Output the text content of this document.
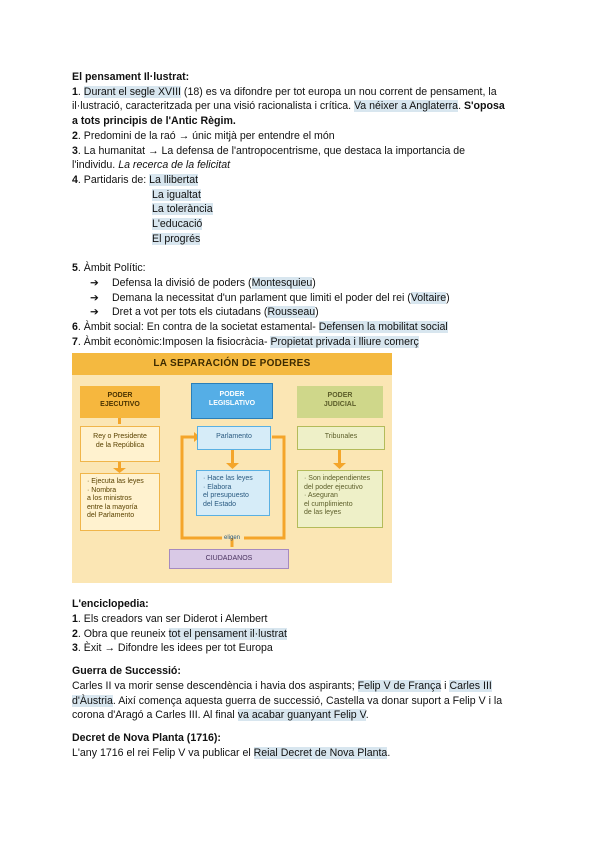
El pensament Il·lustrat:

1. Durant el segle XVIII (18) es va difondre per tot europa un nou corrent de pensament, la

il·lustració, caracteritzada per una visió racionalista i crítica. Va néixer a Anglaterra. S'oposa

a tots principis de l'Antic Règim.

2. Predomini de la raó → únic mitjà per entendre el món

3. La humanitat → La defensa de l'antropocentrisme, que destaca la importancia de

l'individu. La recerca de la felicitat

4. Partidaris de: La llibertat

La igualtat

La tolerància

L'educació

El progrés

5. Àmbit Polític:

➔ Defensa la divisió de poders (Montesquieu)

➔ Demana la necessitat d'un parlament que limiti el poder del rei (Voltaire)

➔ Dret a vot per tots els ciutadans (Rousseau)

6. Àmbit social: En contra de la societat estamental- Defensen la mobilitat social

7. Àmbit econòmic:Imposen la fisiocràcia- Propietat privada i lliure comerç

LA SEPARACIÓN DE PODERES
PODER
EJECUTIVO
PODER
LEGISLATIVO
PODER
JUDICIAL
Rey o Presidente
de la República
Parlamento	Tribunales
· Ejecuta las leyes
· Nombra
a los ministros
entre la mayoría
del Parlamento
· Hace las leyes
· Elabora
el presupuesto
del Estado
· Son independientes
del poder ejecutivo
· Aseguran
el cumplimiento
de las leyes
eligen
CIUDADANOS

L'enciclopedia:

1. Els creadors van ser Diderot i Alembert

2. Obra que reuneix tot el pensament il·lustrat

3. Èxit → Difondre les idees per tot Europa

Guerra de Successió:

Carles II va morir sense descendència i havia dos aspirants; Felip V de França i Carles III

d'Àustria. Així comença aquesta guerra de successió, Castella va donar suport a Felip V i la

corona d'Aragó a Carles III. Al final va acabar guanyant Felip V.

Decret de Nova Planta (1716):

L'any 1716 el rei Felip V va publicar el Reial Decret de Nova Planta.
